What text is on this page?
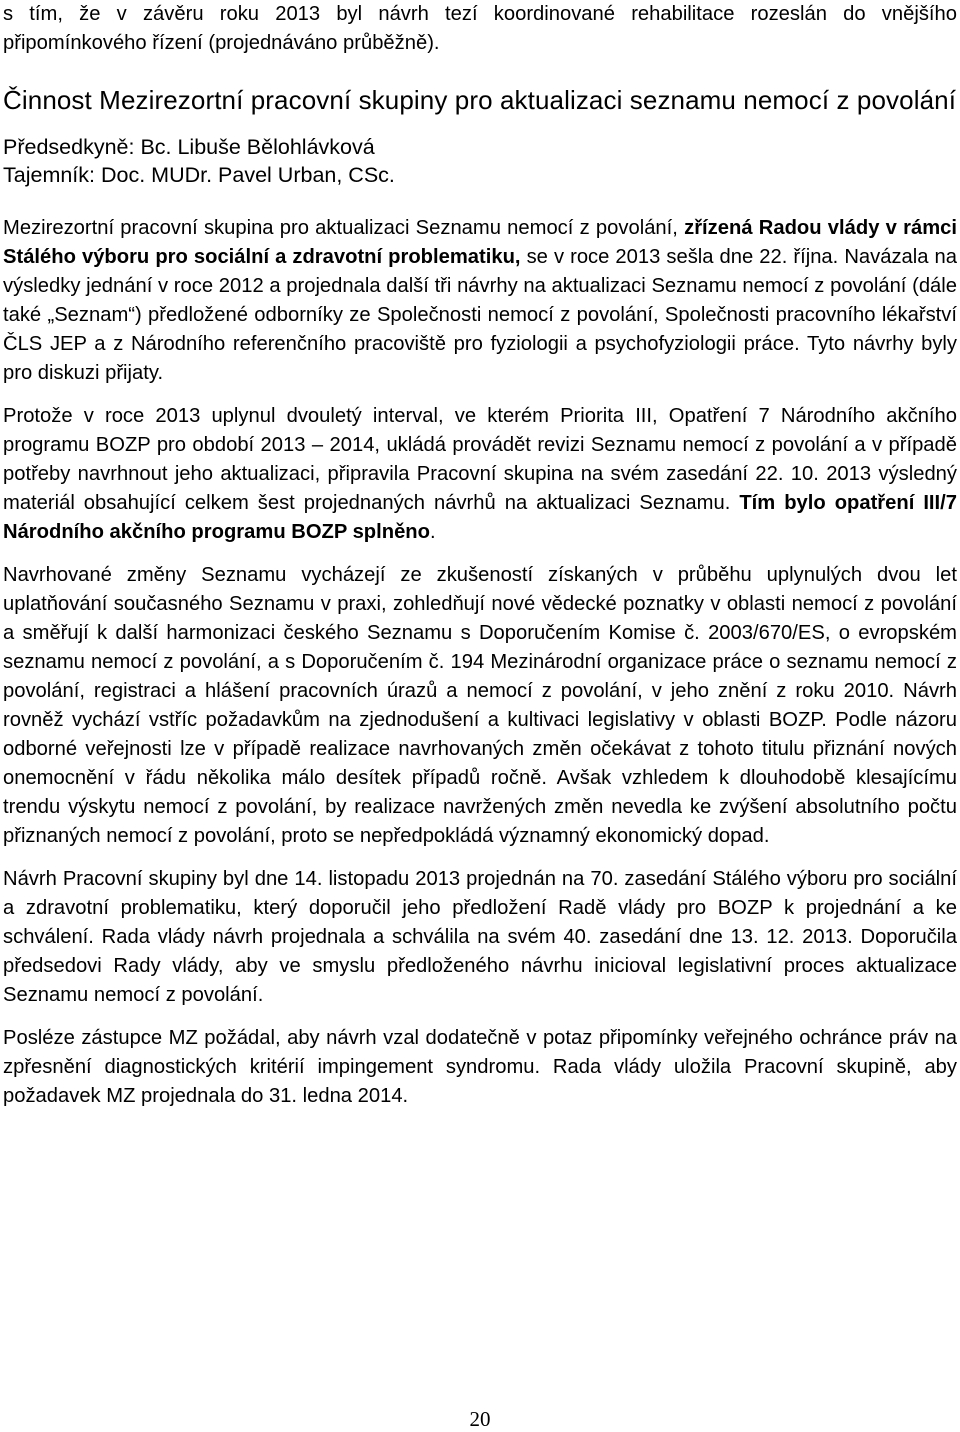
s tím, že v závěru roku 2013 byl návrh tezí koordinované rehabilitace rozeslán do vnějšího připomínkového řízení (projednáváno průběžně).

Činnost Mezirezortní pracovní skupiny pro aktualizaci seznamu nemocí z povolání
Předsedkyně: Bc. Libuše Bělohlávková
Tajemník: Doc. MUDr. Pavel Urban, CSc.

Mezirezortní pracovní skupina pro aktualizaci Seznamu nemocí z povolání, zřízená Radou vlády v rámci Stálého výboru pro sociální a zdravotní problematiku, se v roce 2013 sešla dne 22. října. Navázala na výsledky jednání v roce 2012 a projednala další tři návrhy na aktualizaci Seznamu nemocí z povolání (dále také „Seznam“) předložené odborníky ze Společnosti nemocí z povolání, Společnosti pracovního lékařství ČLS JEP a z Národního referenčního pracoviště pro fyziologii a psychofyziologii práce. Tyto návrhy byly pro diskuzi přijaty.

Protože v roce 2013 uplynul dvouletý interval, ve kterém Priorita III, Opatření 7 Národního akčního programu BOZP pro období 2013 – 2014, ukládá provádět revizi Seznamu nemocí z povolání a v případě potřeby navrhnout jeho aktualizaci, připravila Pracovní skupina na svém zasedání 22. 10. 2013 výsledný materiál obsahující celkem šest projednaných návrhů na aktualizaci Seznamu. Tím bylo opatření III/7 Národního akčního programu BOZP splněno.

Navrhované změny Seznamu vycházejí ze zkušeností získaných v průběhu uplynulých dvou let uplatňování současného Seznamu v praxi, zohledňují nové vědecké poznatky v oblasti nemocí z povolání a směřují k další harmonizaci českého Seznamu s Doporučením Komise č. 2003/670/ES, o evropském seznamu nemocí z povolání, a s Doporučením č. 194 Mezinárodní organizace práce o seznamu nemocí z povolání, registraci a hlášení pracovních úrazů a nemocí z povolání, v jeho znění z roku 2010. Návrh rovněž vychází vstříc požadavkům na zjednodušení a kultivaci legislativy v oblasti BOZP. Podle názoru odborné veřejnosti lze v případě realizace navrhovaných změn očekávat z tohoto titulu přiznání nových onemocnění v řádu několika málo desítek případů ročně. Avšak vzhledem k dlouhodobě klesajícímu trendu výskytu nemocí z povolání, by realizace navržených změn nevedla ke zvýšení absolutního počtu přiznaných nemocí z povolání, proto se nepředpokládá významný ekonomický dopad.

Návrh Pracovní skupiny byl dne 14. listopadu 2013 projednán na 70. zasedání Stálého výboru pro sociální a zdravotní problematiku, který doporučil jeho předložení Radě vlády pro BOZP k projednání a ke schválení. Rada vlády návrh projednala a schválila na svém 40. zasedání dne 13. 12. 2013. Doporučila předsedovi Rady vlády, aby ve smyslu předloženého návrhu inicioval legislativní proces aktualizace Seznamu nemocí z povolání.

Posléze zástupce MZ požádal, aby návrh vzal dodatečně v potaz připomínky veřejného ochránce práv na zpřesnění diagnostických kritérií impingement syndromu. Rada vlády uložila Pracovní skupině, aby požadavek MZ projednala do 31. ledna 2014.

20
